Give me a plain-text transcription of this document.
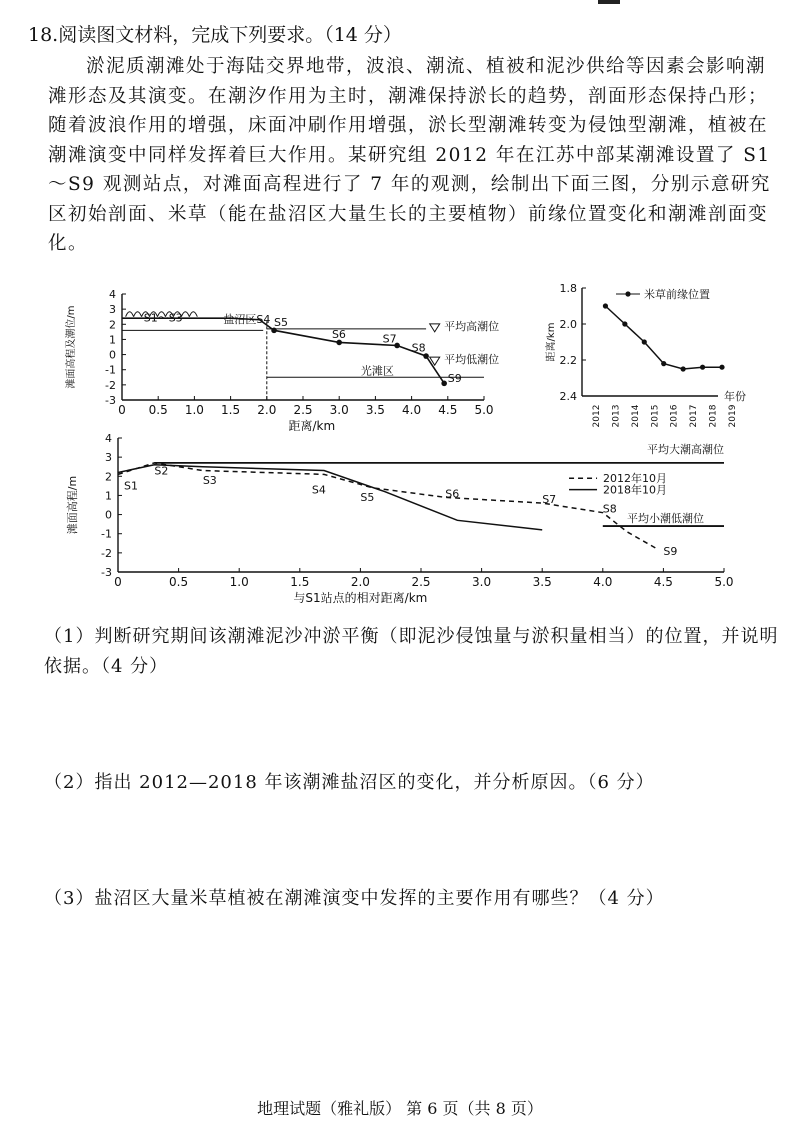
18.阅读图文材料，完成下列要求。（14 分）

淤泥质潮滩处于海陆交界地带，波浪、潮流、植被和泥沙供给等因素会影响潮滩形态及其演变。在潮汐作用为主时，潮滩保持淤长的趋势，剖面形态保持凸形；随着波浪作用的增强，床面冲刷作用增强，淤长型潮滩转变为侵蚀型潮滩，植被在潮滩演变中同样发挥着巨大作用。某研究组 2012 年在江苏中部某潮滩设置了 S1～S9 观测站点，对滩面高程进行了 7 年的观测，绘制出下面三图，分别示意研究区初始剖面、米草（能在盐沼区大量生长的主要植物）前缘位置变化和潮滩剖面变化。

0 0.5 1.0 1.5 2.0 2.5 3.0 3.5 4.0 4.5 5.0
3
2
1
0
-1
-2
-3
4
距离/km
滩面高程及潮位/m	平均高潮位
平均低潮位
光滩区
S1～S3	盐沼区S4 S5
S6	S7
S8
S9
1.8
2.0
2.2
2.4
2012 2013 2014 2015 2016 2017 2018 2019
年份
距离/km
米草前缘位置
0	0.5	1.0	1.5	2.0	2.5	3.0	3.5	4.0	4.5	5.0
4
3
2
1
0
-1
-2
-3
与S1站点的相对距离/km
滩面高程/m
平均大潮高潮位
平均小潮低潮位
2012年10月
2018年10月
S1
S2
S3
S4
S5	S6	S7
S8
S9
（1）判断研究期间该潮滩泥沙冲淤平衡（即泥沙侵蚀量与淤积量相当）的位置，并说明依据。（4 分）
（2）指出 2012—2018 年该潮滩盐沼区的变化，并分析原因。（6 分）
（3）盐沼区大量米草植被在潮滩演变中发挥的主要作用有哪些？（4 分）
地理试题（雅礼版） 第 6 页（共 8 页）
